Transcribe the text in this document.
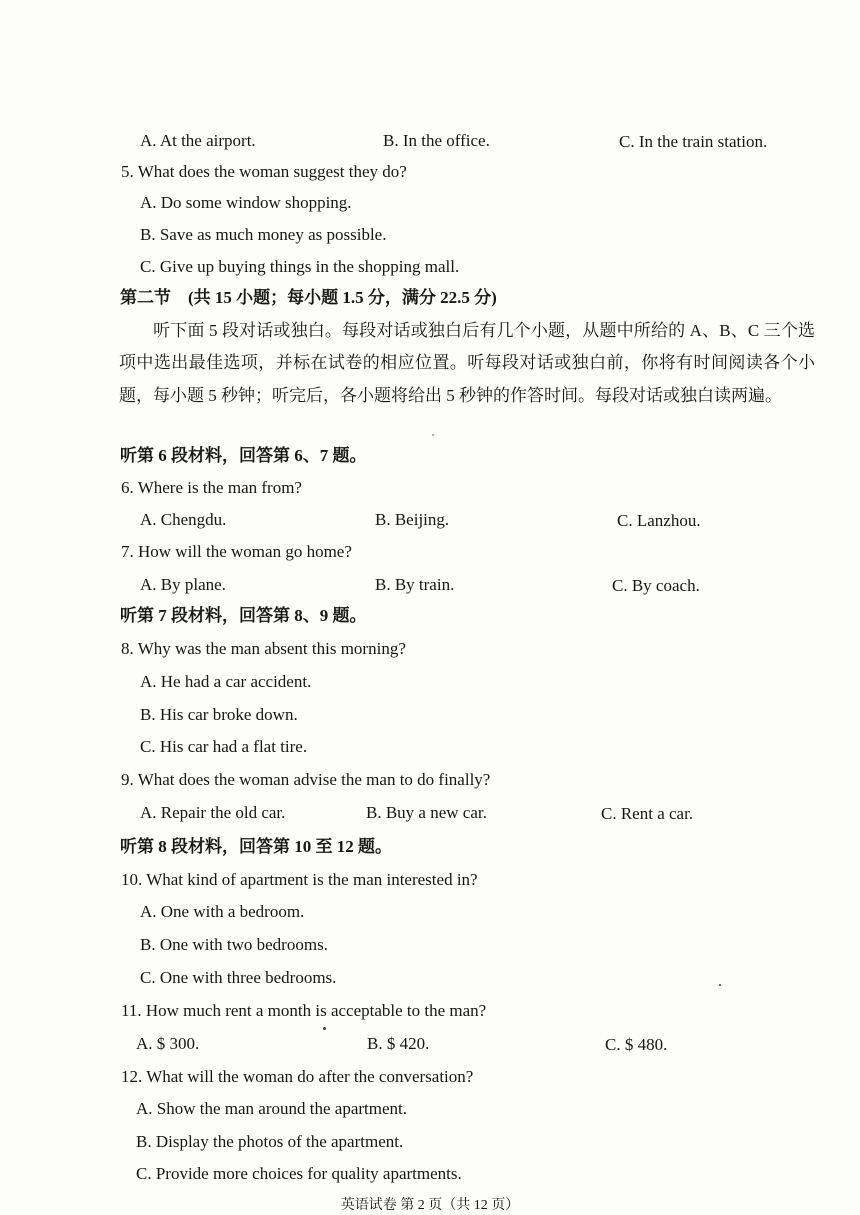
A. At the airport.	B. In the office.	C. In the train station.
5. What does the woman suggest they do?
A. Do some window shopping.
B. Save as much money as possible.
C. Give up buying things in the shopping mall.
第二节　(共 15 小题；每小题 1.5 分，满分 22.5 分)
听下面 5 段对话或独白。每段对话或独白后有几个小题，从题中所给的 A、B、C 三个选项中选出最佳选项，并标在试卷的相应位置。听每段对话或独白前，你将有时间阅读各个小题，每小题 5 秒钟；听完后，各小题将给出 5 秒钟的作答时间。每段对话或独白读两遍。
听第 6 段材料，回答第 6、7 题。
6. Where is the man from?
A. Chengdu.	B. Beijing.	C. Lanzhou.
7. How will the woman go home?
A. By plane.	B. By train.	C. By coach.
听第 7 段材料，回答第 8、9 题。
8. Why was the man absent this morning?
A. He had a car accident.
B. His car broke down.
C. His car had a flat tire.
9. What does the woman advise the man to do finally?
A. Repair the old car.	B. Buy a new car.	C. Rent a car.
听第 8 段材料，回答第 10 至 12 题。
10. What kind of apartment is the man interested in?
A. One with a bedroom.
B. One with two bedrooms.
C. One with three bedrooms.
11. How much rent a month is acceptable to the man?
A. $ 300.	B. $ 420.	C. $ 480.
12. What will the woman do after the conversation?
A. Show the man around the apartment.
B. Display the photos of the apartment.
C. Provide more choices for quality apartments.
英语试卷 第 2 页（共 12 页）
